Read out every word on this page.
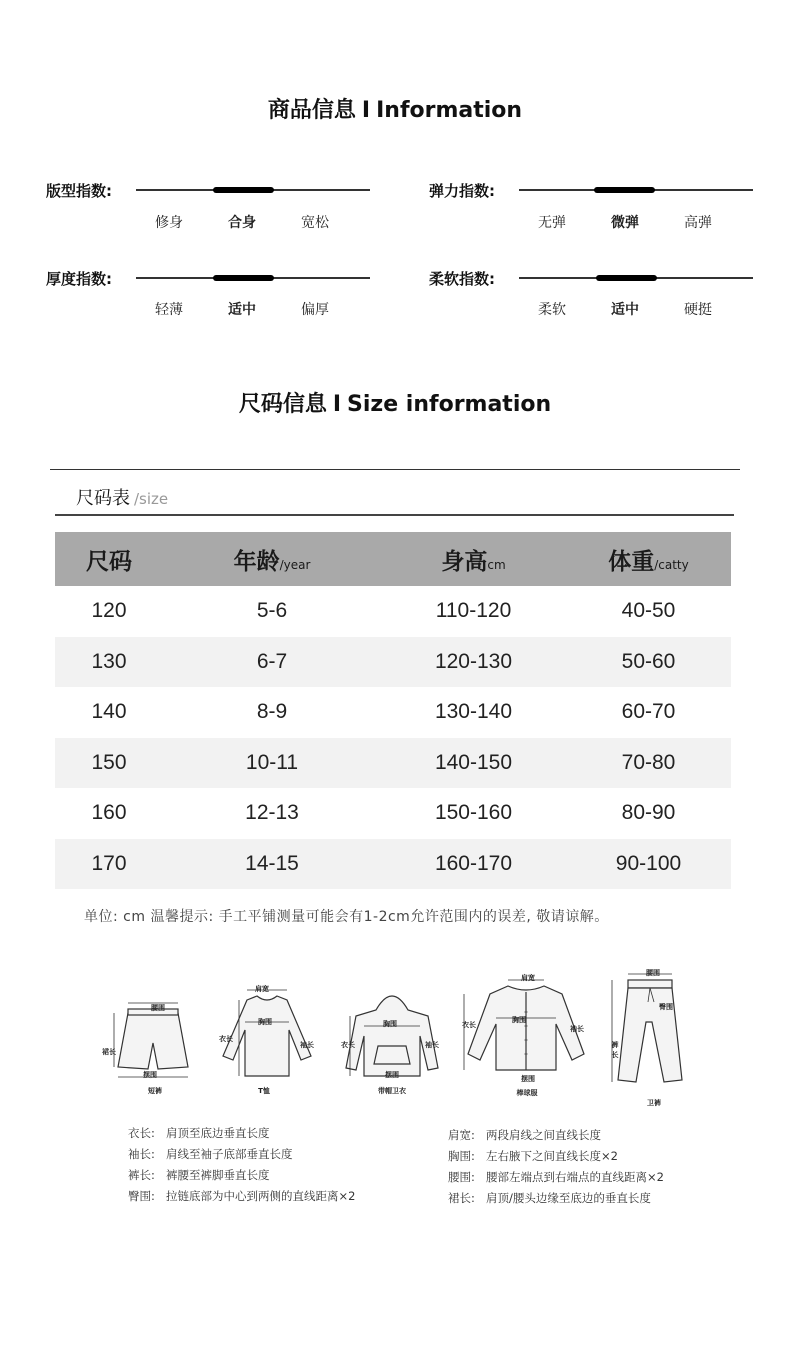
商品信息 I Information
版型指数:
修身	合身	宽松
弹力指数:
无弹	微弹	高弹
厚度指数:
轻薄	适中	偏厚
柔软指数:
柔软	适中	硬挺
尺码信息 I Size information
尺码表 /size
尺码	年龄/year	身高cm	体重/catty
120	5-6	110-120	40-50
130	6-7	120-130	50-60
140	8-9	130-140	60-70
150	10-11	140-150	70-80
160	12-13	150-160	80-90
170	14-15	160-170	90-100
单位: cm 温馨提示: 手工平铺测量可能会有1-2cm允许范围内的误差, 敬请谅解。
腰围
裙长
摆围
短裤
肩宽
胸围
衣长
袖长
T恤
胸围
衣长	袖长
摆围
带帽卫衣
肩宽
胸围
衣长	袖长
摆围
棒球服
腰围
臀围
裤长
卫裤
衣长: 肩顶至底边垂直长度
袖长: 肩线至袖子底部垂直长度
裤长: 裤腰至裤脚垂直长度
臀围: 拉链底部为中心到两侧的直线距离×2
肩宽: 两段肩线之间直线长度
胸围: 左右腋下之间直线长度×2
腰围: 腰部左端点到右端点的直线距离×2
裙长: 肩顶/腰头边缘至底边的垂直长度
